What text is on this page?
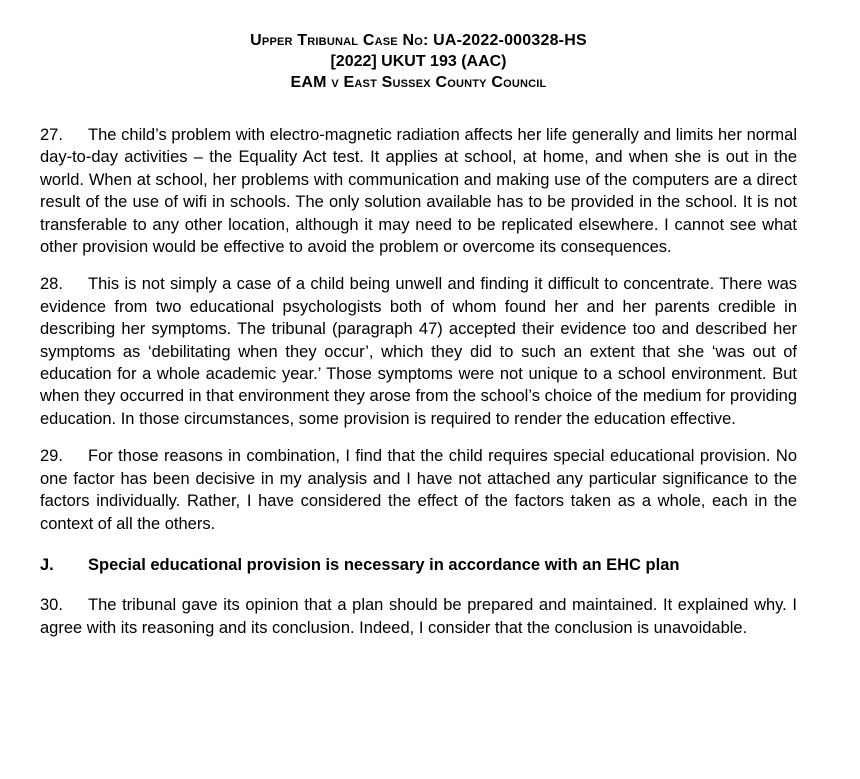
Upper Tribunal Case No: UA-2022-000328-HS
[2022] UKUT 193 (AAC)
EAM v East Sussex County Council

27. The child’s problem with electro-magnetic radiation affects her life generally and limits her normal day-to-day activities – the Equality Act test. It applies at school, at home, and when she is out in the world. When at school, her problems with communication and making use of the computers are a direct result of the use of wifi in schools. The only solution available has to be provided in the school. It is not transferable to any other location, although it may need to be replicated elsewhere. I cannot see what other provision would be effective to avoid the problem or overcome its consequences.

28. This is not simply a case of a child being unwell and finding it difficult to concentrate. There was evidence from two educational psychologists both of whom found her and her parents credible in describing her symptoms. The tribunal (paragraph 47) accepted their evidence too and described her symptoms as ‘debilitating when they occur’, which they did to such an extent that she ‘was out of education for a whole academic year.’ Those symptoms were not unique to a school environment. But when they occurred in that environment they arose from the school’s choice of the medium for providing education. In those circumstances, some provision is required to render the education effective.

29. For those reasons in combination, I find that the child requires special educational provision. No one factor has been decisive in my analysis and I have not attached any particular significance to the factors individually. Rather, I have considered the effect of the factors taken as a whole, each in the context of all the others.

J. Special educational provision is necessary in accordance with an EHC plan

30. The tribunal gave its opinion that a plan should be prepared and maintained. It explained why. I agree with its reasoning and its conclusion. Indeed, I consider that the conclusion is unavoidable.
